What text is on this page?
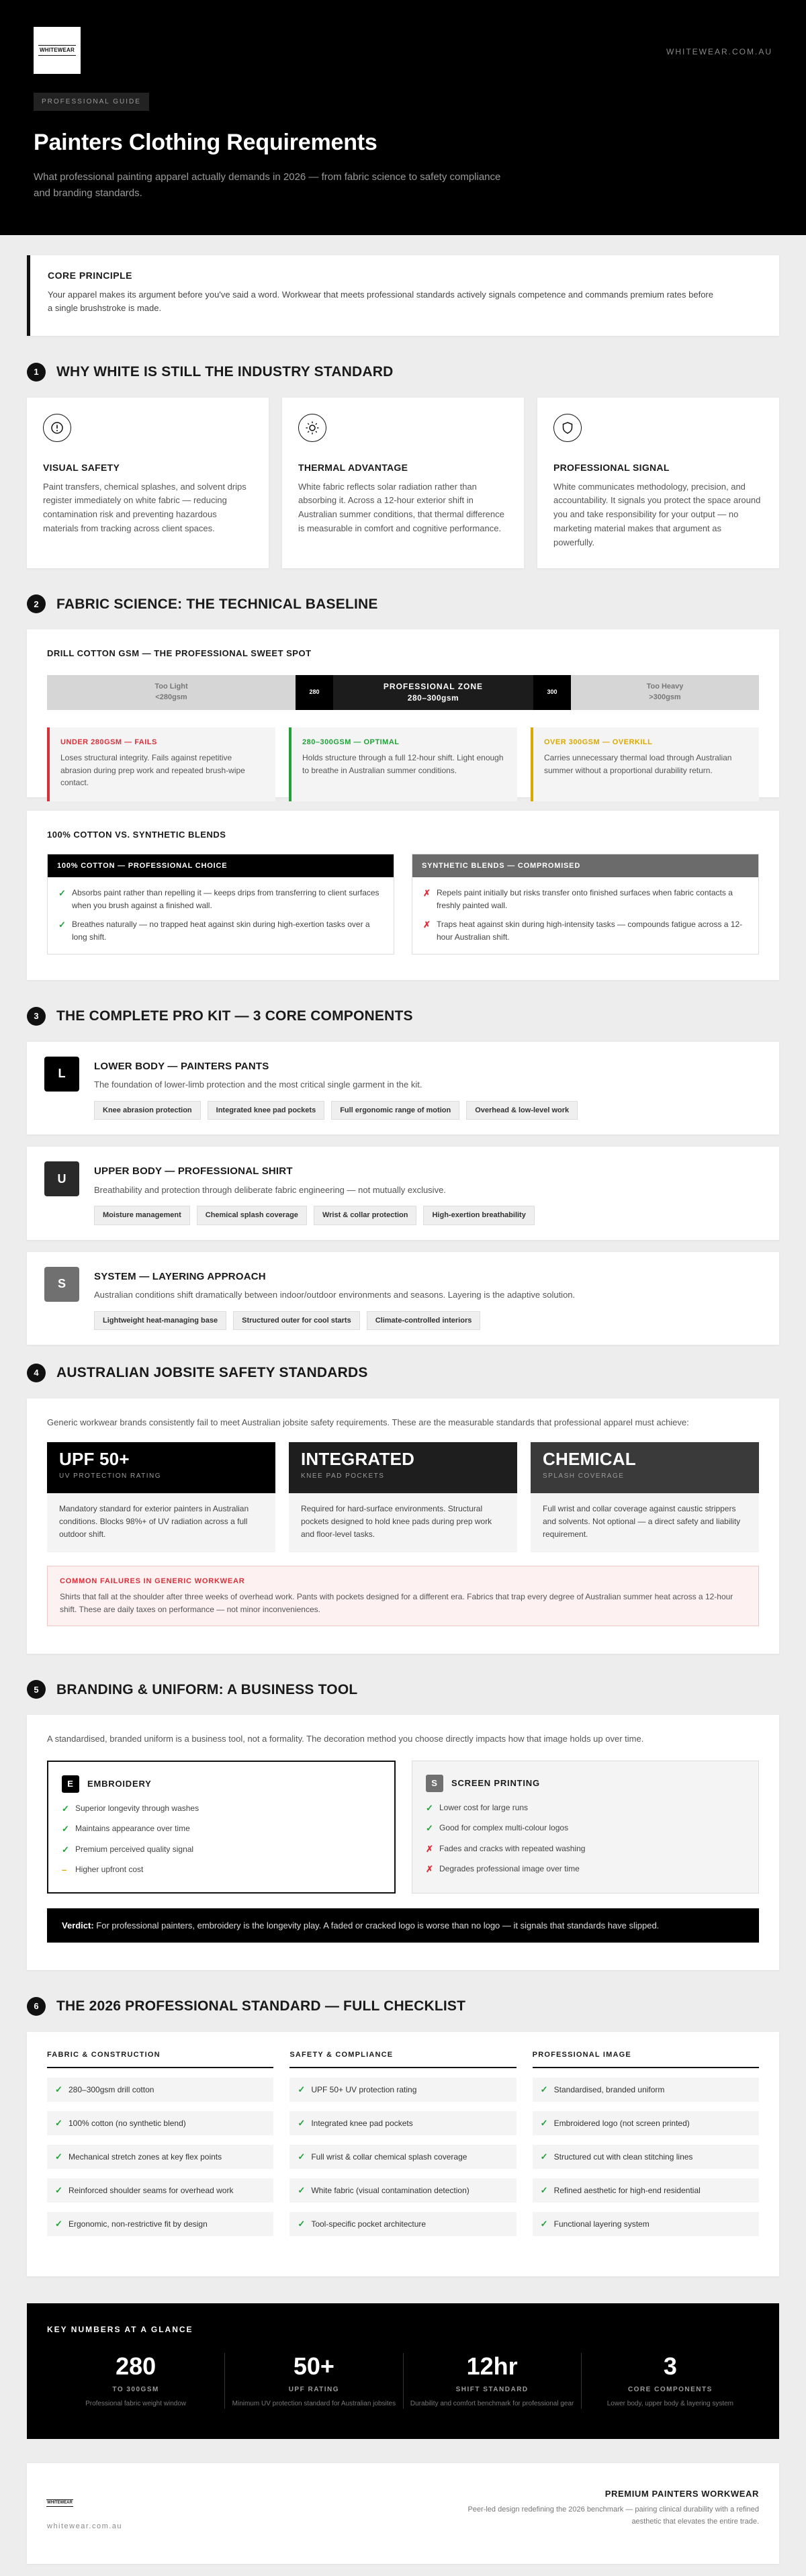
WHITEWEAR	WHITEWEAR.COM.AU
PROFESSIONAL GUIDE
Painters Clothing Requirements

What professional painting apparel actually demands in 2026 — from fabric science to safety compliance and branding standards.

CORE PRINCIPLE

Your apparel makes its argument before you've said a word. Workwear that meets professional standards actively signals competence and commands premium rates before a single brushstroke is made.

1	WHY WHITE IS STILL THE INDUSTRY STANDARD
VISUAL SAFETY

Paint transfers, chemical splashes, and solvent drips register immediately on white fabric — reducing contamination risk and preventing hazardous materials from tracking across client spaces.

THERMAL ADVANTAGE

White fabric reflects solar radiation rather than absorbing it. Across a 12-hour exterior shift in Australian summer conditions, that thermal difference is measurable in comfort and cognitive performance.

PROFESSIONAL SIGNAL

White communicates methodology, precision, and accountability. It signals you protect the space around you and take responsibility for your output — no marketing material makes that argument as powerfully.

2	FABRIC SCIENCE: THE TECHNICAL BASELINE
DRILL COTTON GSM — THE PROFESSIONAL SWEET SPOT
Too Light
<280gsm
280
PROFESSIONAL ZONE
280–300gsm
300
Too Heavy
>300gsm
UNDER 280GSM — FAILS

Loses structural integrity. Fails against repetitive abrasion during prep work and repeated brush-wipe contact.

280–300GSM — OPTIMAL

Holds structure through a full 12-hour shift. Light enough to breathe in Australian summer conditions.

OVER 300GSM — OVERKILL

Carries unnecessary thermal load through Australian summer without a proportional durability return.

100% COTTON VS. SYNTHETIC BLENDS
100% COTTON — PROFESSIONAL CHOICE
✓ Absorbs paint rather than repelling it — keeps drips from transferring to client surfaces when you brush against a finished wall.
✓ Breathes naturally — no trapped heat against skin during high-exertion tasks over a long shift.
SYNTHETIC BLENDS — COMPROMISED
✗ Repels paint initially but risks transfer onto finished surfaces when fabric contacts a freshly painted wall.
✗ Traps heat against skin during high-intensity tasks — compounds fatigue across a 12-hour Australian shift.
3	THE COMPLETE PRO KIT — 3 CORE COMPONENTS
L
LOWER BODY — PAINTERS PANTS

The foundation of lower-limb protection and the most critical single garment in the kit.

Knee abrasion protection	Integrated knee pad pockets	Full ergonomic range of motion	Overhead & low-level work
U
UPPER BODY — PROFESSIONAL SHIRT

Breathability and protection through deliberate fabric engineering — not mutually exclusive.

Moisture management	Chemical splash coverage	Wrist & collar protection	High-exertion breathability
S
SYSTEM — LAYERING APPROACH

Australian conditions shift dramatically between indoor/outdoor environments and seasons. Layering is the adaptive solution.

Lightweight heat-managing base	Structured outer for cool starts	Climate-controlled interiors
4	AUSTRALIAN JOBSITE SAFETY STANDARDS

Generic workwear brands consistently fail to meet Australian jobsite safety requirements. These are the measurable standards that professional apparel must achieve:

UPF 50+
UV PROTECTION RATING

Mandatory standard for exterior painters in Australian conditions. Blocks 98%+ of UV radiation across a full outdoor shift.

INTEGRATED
KNEE PAD POCKETS

Required for hard-surface environments. Structural pockets designed to hold knee pads during prep work and floor-level tasks.

CHEMICAL
SPLASH COVERAGE

Full wrist and collar coverage against caustic strippers and solvents. Not optional — a direct safety and liability requirement.

COMMON FAILURES IN GENERIC WORKWEAR

Shirts that fall at the shoulder after three weeks of overhead work. Pants with pockets designed for a different era. Fabrics that trap every degree of Australian summer heat across a 12-hour shift. These are daily taxes on performance — not minor inconveniences.

5	BRANDING & UNIFORM: A BUSINESS TOOL

A standardised, branded uniform is a business tool, not a formality. The decoration method you choose directly impacts how that image holds up over time.

E	EMBROIDERY
✓ Superior longevity through washes
✓ Maintains appearance over time
✓ Premium perceived quality signal
–	Higher upfront cost
S	SCREEN PRINTING
✓ Lower cost for large runs
✓ Good for complex multi-colour logos
✗ Fades and cracks with repeated washing
✗ Degrades professional image over time
Verdict: For professional painters, embroidery is the longevity play. A faded or cracked logo is worse than no logo — it signals that standards have slipped.
6	THE 2026 PROFESSIONAL STANDARD — FULL CHECKLIST
FABRIC & CONSTRUCTION
✓ 280–300gsm drill cotton
✓ 100% cotton (no synthetic blend)
✓ Mechanical stretch zones at key flex points
✓ Reinforced shoulder seams for overhead work
✓ Ergonomic, non-restrictive fit by design
SAFETY & COMPLIANCE
✓ UPF 50+ UV protection rating
✓ Integrated knee pad pockets
✓ Full wrist & collar chemical splash coverage
✓ White fabric (visual contamination detection)
✓ Tool-specific pocket architecture
PROFESSIONAL IMAGE
✓ Standardised, branded uniform
✓ Embroidered logo (not screen printed)
✓ Structured cut with clean stitching lines
✓ Refined aesthetic for high-end residential
✓ Functional layering system
KEY NUMBERS AT A GLANCE
280
TO 300GSM
Professional fabric weight window
50+
UPF RATING
Minimum UV protection standard for Australian jobsites
12hr
SHIFT STANDARD
Durability and comfort benchmark for professional gear
3
CORE COMPONENTS
Lower body, upper body & layering system
WHITEWEAR
whitewear.com.au
PREMIUM PAINTERS WORKWEAR

Peer-led design redefining the 2026 benchmark — pairing clinical durability with a refined aesthetic that elevates the entire trade.
